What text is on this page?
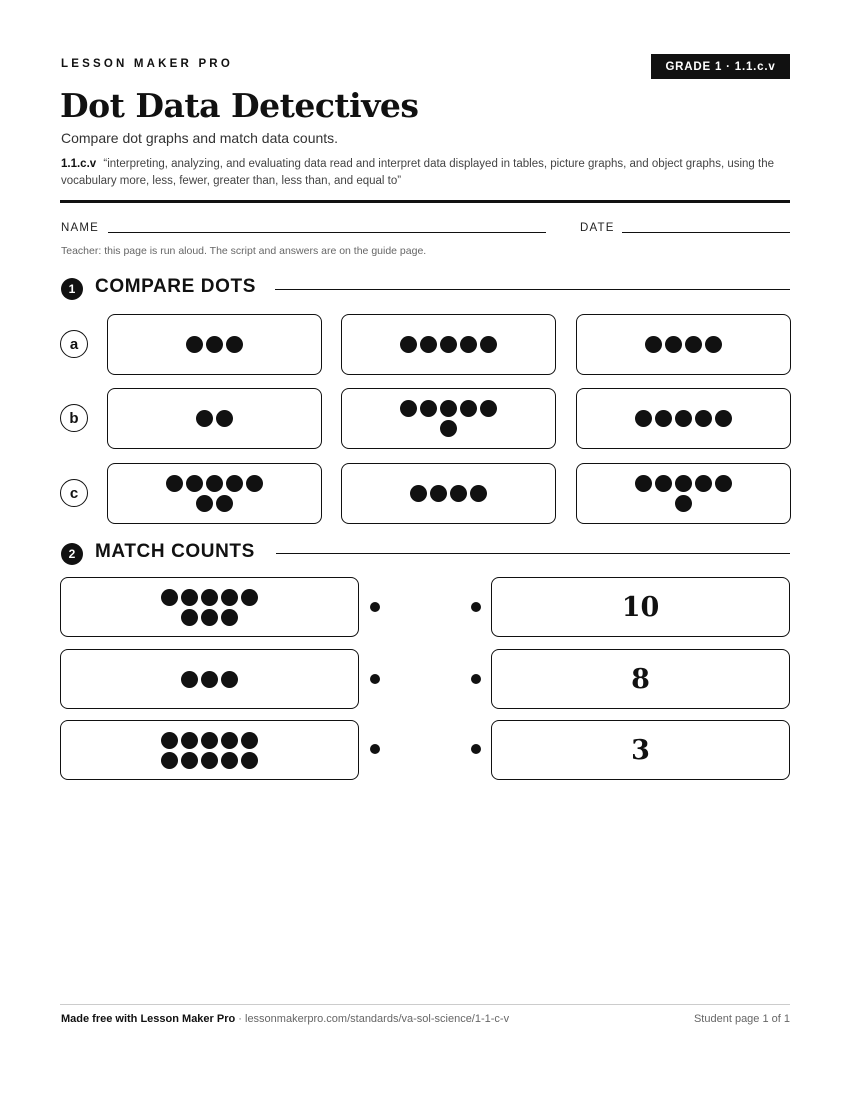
LESSON MAKER PRO	GRADE 1 · 1.1.c.v
Dot Data Detectives
Compare dot graphs and match data counts.
1.1.c.v “interpreting, analyzing, and evaluating data read and interpret data displayed in tables, picture graphs, and object graphs, using the vocabulary more, less, fewer, greater than, less than, and equal to”
NAME	DATE
Teacher: this page is run aloud. The script and answers are on the guide page.
1	COMPARE DOTS
a
b
c
2	MATCH COUNTS
10
8
3
Made free with Lesson Maker Pro · lessonmakerpro.com/standards/va-sol-science/1-1-c-v	Student page 1 of 1
